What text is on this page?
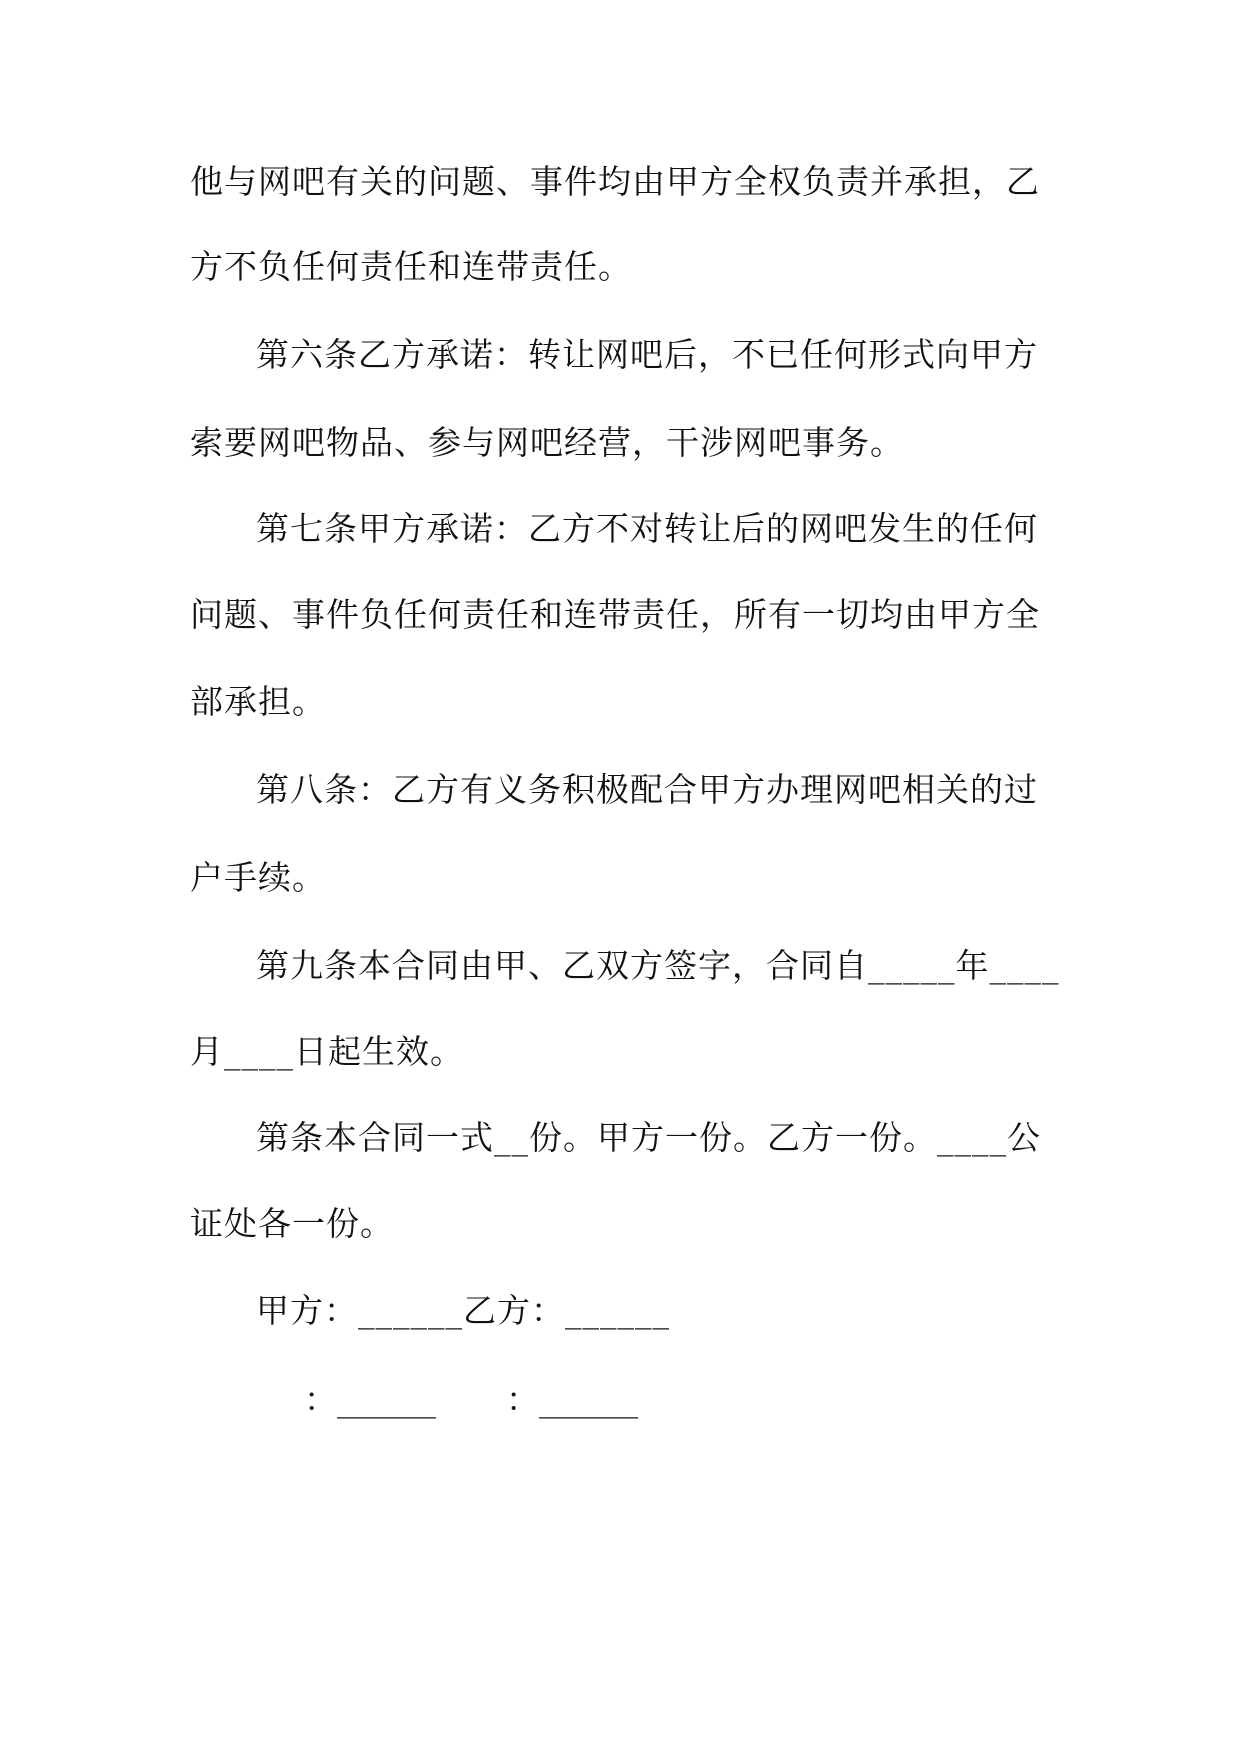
他与网吧有关的问题、事件均由甲方全权负责并承担，乙
方不负任何责任和连带责任。
第六条乙方承诺：转让网吧后，不已任何形式向甲方
索要网吧物品、参与网吧经营，干涉网吧事务。
第七条甲方承诺：乙方不对转让后的网吧发生的任何
问题、事件负任何责任和连带责任，所有一切均由甲方全
部承担。
第八条：乙方有义务积极配合甲方办理网吧相关的过
户手续。
第九条本合同由甲、乙双方签字，合同自_____年____
月____日起生效。
第条本合同一式__份。甲方一份。乙方一份。____公
证处各一份。
甲方：______乙方：______
：______ ：______
